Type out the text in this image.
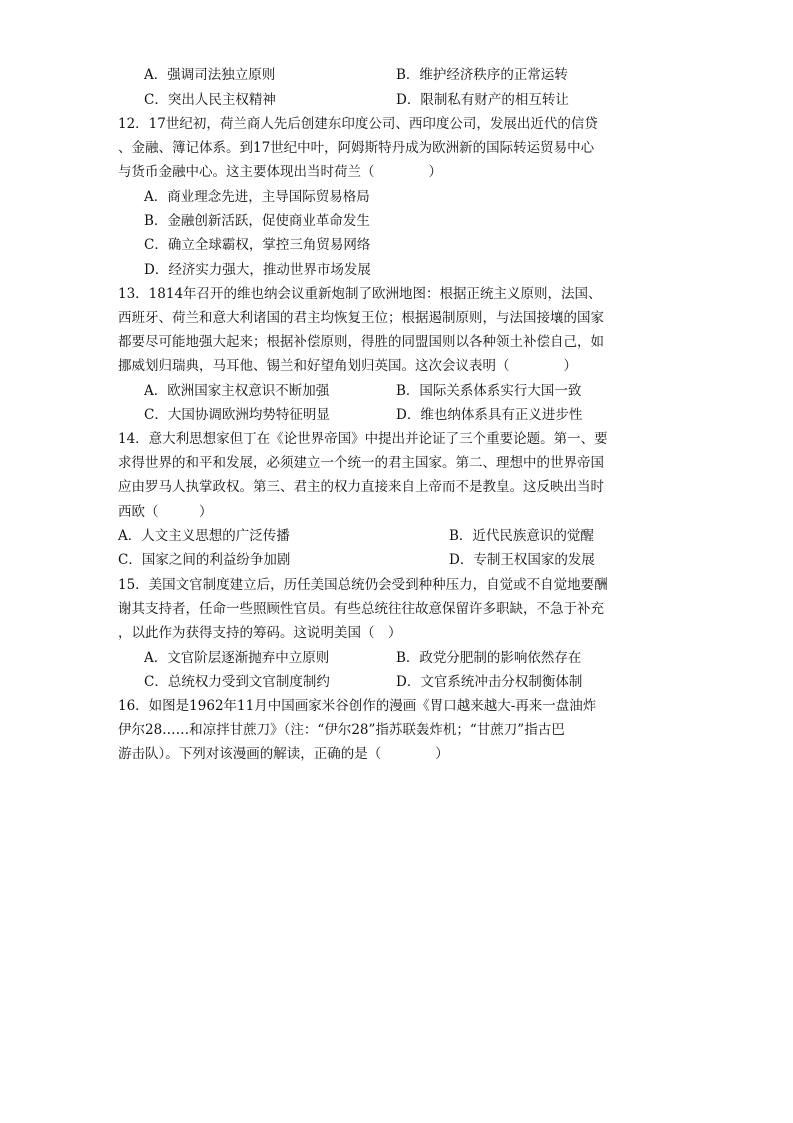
A．强调司法独立原则	B．维护经济秩序的正常运转
C．突出人民主权精神	D．限制私有财产的相互转让
12．17世纪初，荷兰商人先后创建东印度公司、西印度公司，发展出近代的信贷
、金融、簿记体系。到17世纪中叶，阿姆斯特丹成为欧洲新的国际转运贸易中心
与货币金融中心。这主要体现出当时荷兰（　　　　）
A．商业理念先进，主导国际贸易格局
B．金融创新活跃，促使商业革命发生
C．确立全球霸权，掌控三角贸易网络
D．经济实力强大，推动世界市场发展
13．1814年召开的维也纳会议重新炮制了欧洲地图：根据正统主义原则，法国、
西班牙、荷兰和意大利诸国的君主均恢复王位；根据遏制原则，与法国接壤的国家
都要尽可能地强大起来；根据补偿原则，得胜的同盟国则以各种领土补偿自己，如
挪威划归瑞典，马耳他、锡兰和好望角划归英国。这次会议表明（　　　　）
A．欧洲国家主权意识不断加强	B．国际关系体系实行大国一致
C．大国协调欧洲均势特征明显	D．维也纳体系具有正义进步性
14．意大利思想家但丁在《论世界帝国》中提出并论证了三个重要论题。第一、要
求得世界的和平和发展，必须建立一个统一的君主国家。第二、理想中的世界帝国
应由罗马人执掌政权。第三、君主的权力直接来自上帝而不是教皇。这反映出当时
西欧（　　　）
A．人文主义思想的广泛传播	B．近代民族意识的觉醒
C．国家之间的利益纷争加剧	D．专制王权国家的发展
15．美国文官制度建立后，历任美国总统仍会受到种种压力，自觉或不自觉地要酬
谢其支持者，任命一些照顾性官员。有些总统往往故意保留许多职缺，不急于补充
，以此作为获得支持的筹码。这说明美国（　）
A．文官阶层逐渐抛弃中立原则	B．政党分肥制的影响依然存在
C．总统权力受到文官制度制约	D．文官系统冲击分权制衡体制
16．如图是1962年11月中国画家米谷创作的漫画《胃口越来越大-再来一盘油炸
伊尔28……和凉拌甘蔗刀》（注：“伊尔28”指苏联轰炸机；“甘蔗刀”指古巴
游击队）。下列对该漫画的解读，正确的是（　　　　）
